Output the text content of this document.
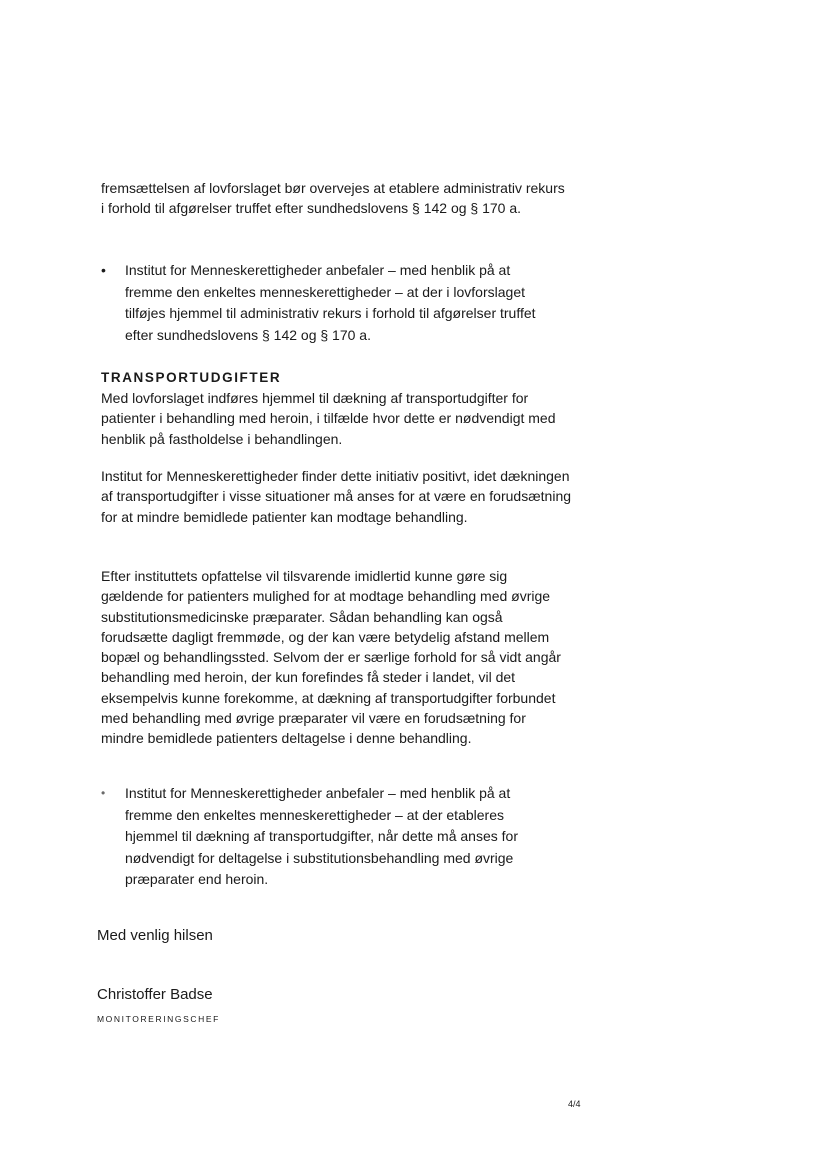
fremsættelsen af lovforslaget bør overvejes at etablere administrativ rekurs i forhold til afgørelser truffet efter sundhedslovens § 142 og § 170 a.

• Institut for Menneskerettigheder anbefaler – med henblik på at fremme den enkeltes menneskerettigheder – at der i lovforslaget tilføjes hjemmel til administrativ rekurs i forhold til afgørelser truffet efter sundhedslovens § 142 og § 170 a.
TRANSPORTUDGIFTER

Med lovforslaget indføres hjemmel til dækning af transportudgifter for patienter i behandling med heroin, i tilfælde hvor dette er nødvendigt med henblik på fastholdelse i behandlingen.

Institut for Menneskerettigheder finder dette initiativ positivt, idet dækningen af transportudgifter i visse situationer må anses for at være en forudsætning for at mindre bemidlede patienter kan modtage behandling.

Efter instituttets opfattelse vil tilsvarende imidlertid kunne gøre sig gældende for patienters mulighed for at modtage behandling med øvrige substitutionsmedicinske præparater. Sådan behandling kan også forudsætte dagligt fremmøde, og der kan være betydelig afstand mellem bopæl og behandlingssted. Selvom der er særlige forhold for så vidt angår behandling med heroin, der kun forefindes få steder i landet, vil det eksempelvis kunne forekomme, at dækning af transportudgifter forbundet med behandling med øvrige præparater vil være en forudsætning for mindre bemidlede patienters deltagelse i denne behandling.

• Institut for Menneskerettigheder anbefaler – med henblik på at fremme den enkeltes menneskerettigheder – at der etableres hjemmel til dækning af transportudgifter, når dette må anses for nødvendigt for deltagelse i substitutionsbehandling med øvrige præparater end heroin.
Med venlig hilsen
Christoffer Badse
MONITORERINGSCHEF
4/4
